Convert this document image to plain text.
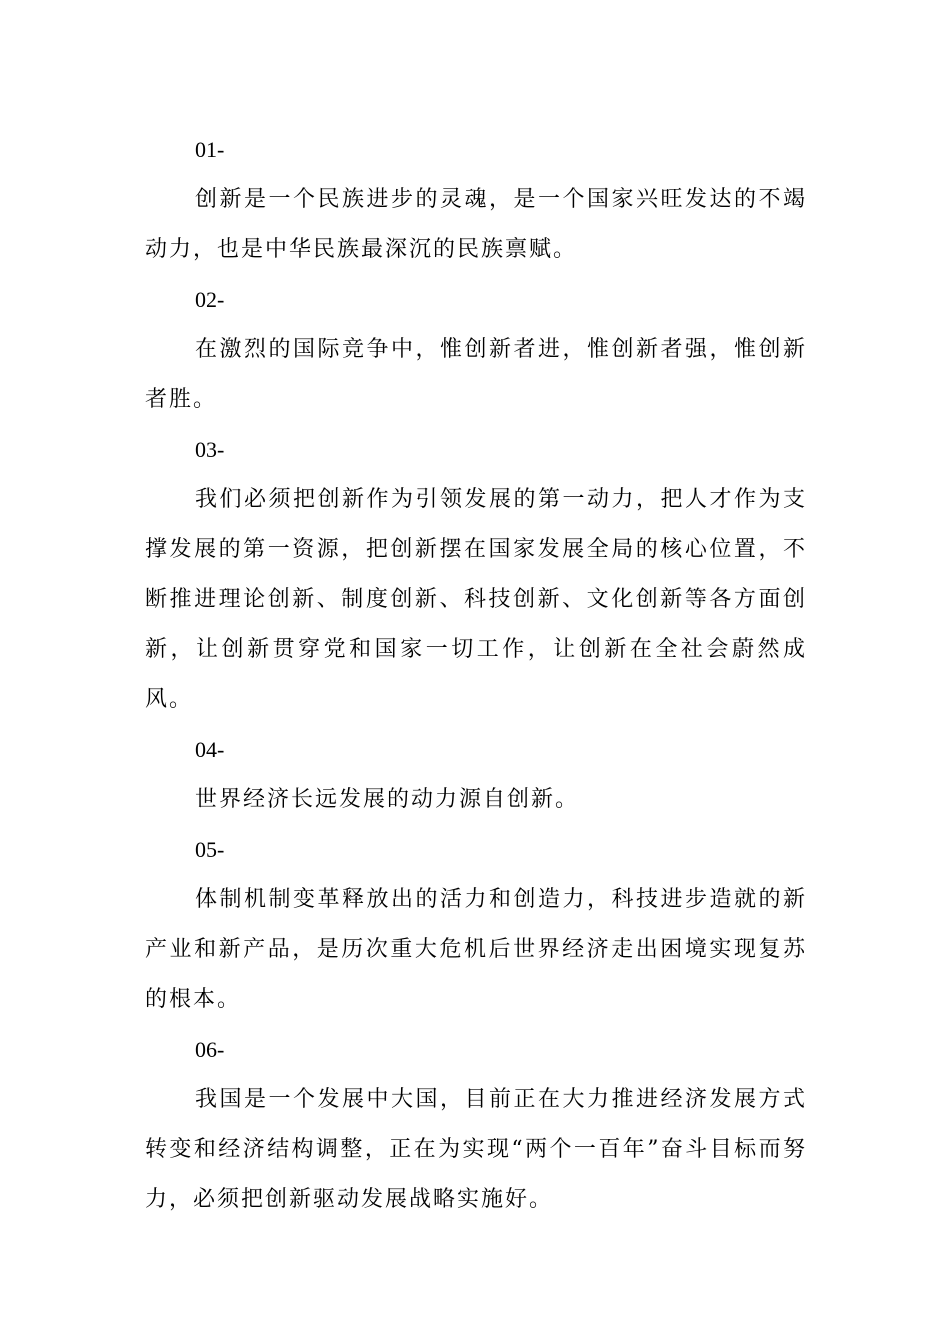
01-

创新是一个民族进步的灵魂，是一个国家兴旺发达的不竭动力，也是中华民族最深沉的民族禀赋。

02-

在激烈的国际竞争中，惟创新者进，惟创新者强，惟创新者胜。

03-

我们必须把创新作为引领发展的第一动力，把人才作为支撑发展的第一资源，把创新摆在国家发展全局的核心位置，不断推进理论创新、制度创新、科技创新、文化创新等各方面创新，让创新贯穿党和国家一切工作，让创新在全社会蔚然成风。

04-

世界经济长远发展的动力源自创新。

05-

体制机制变革释放出的活力和创造力，科技进步造就的新产业和新产品，是历次重大危机后世界经济走出困境实现复苏的根本。

06-

我国是一个发展中大国，目前正在大力推进经济发展方式转变和经济结构调整，正在为实现“两个一百年”奋斗目标而努力，必须把创新驱动发展战略实施好。
